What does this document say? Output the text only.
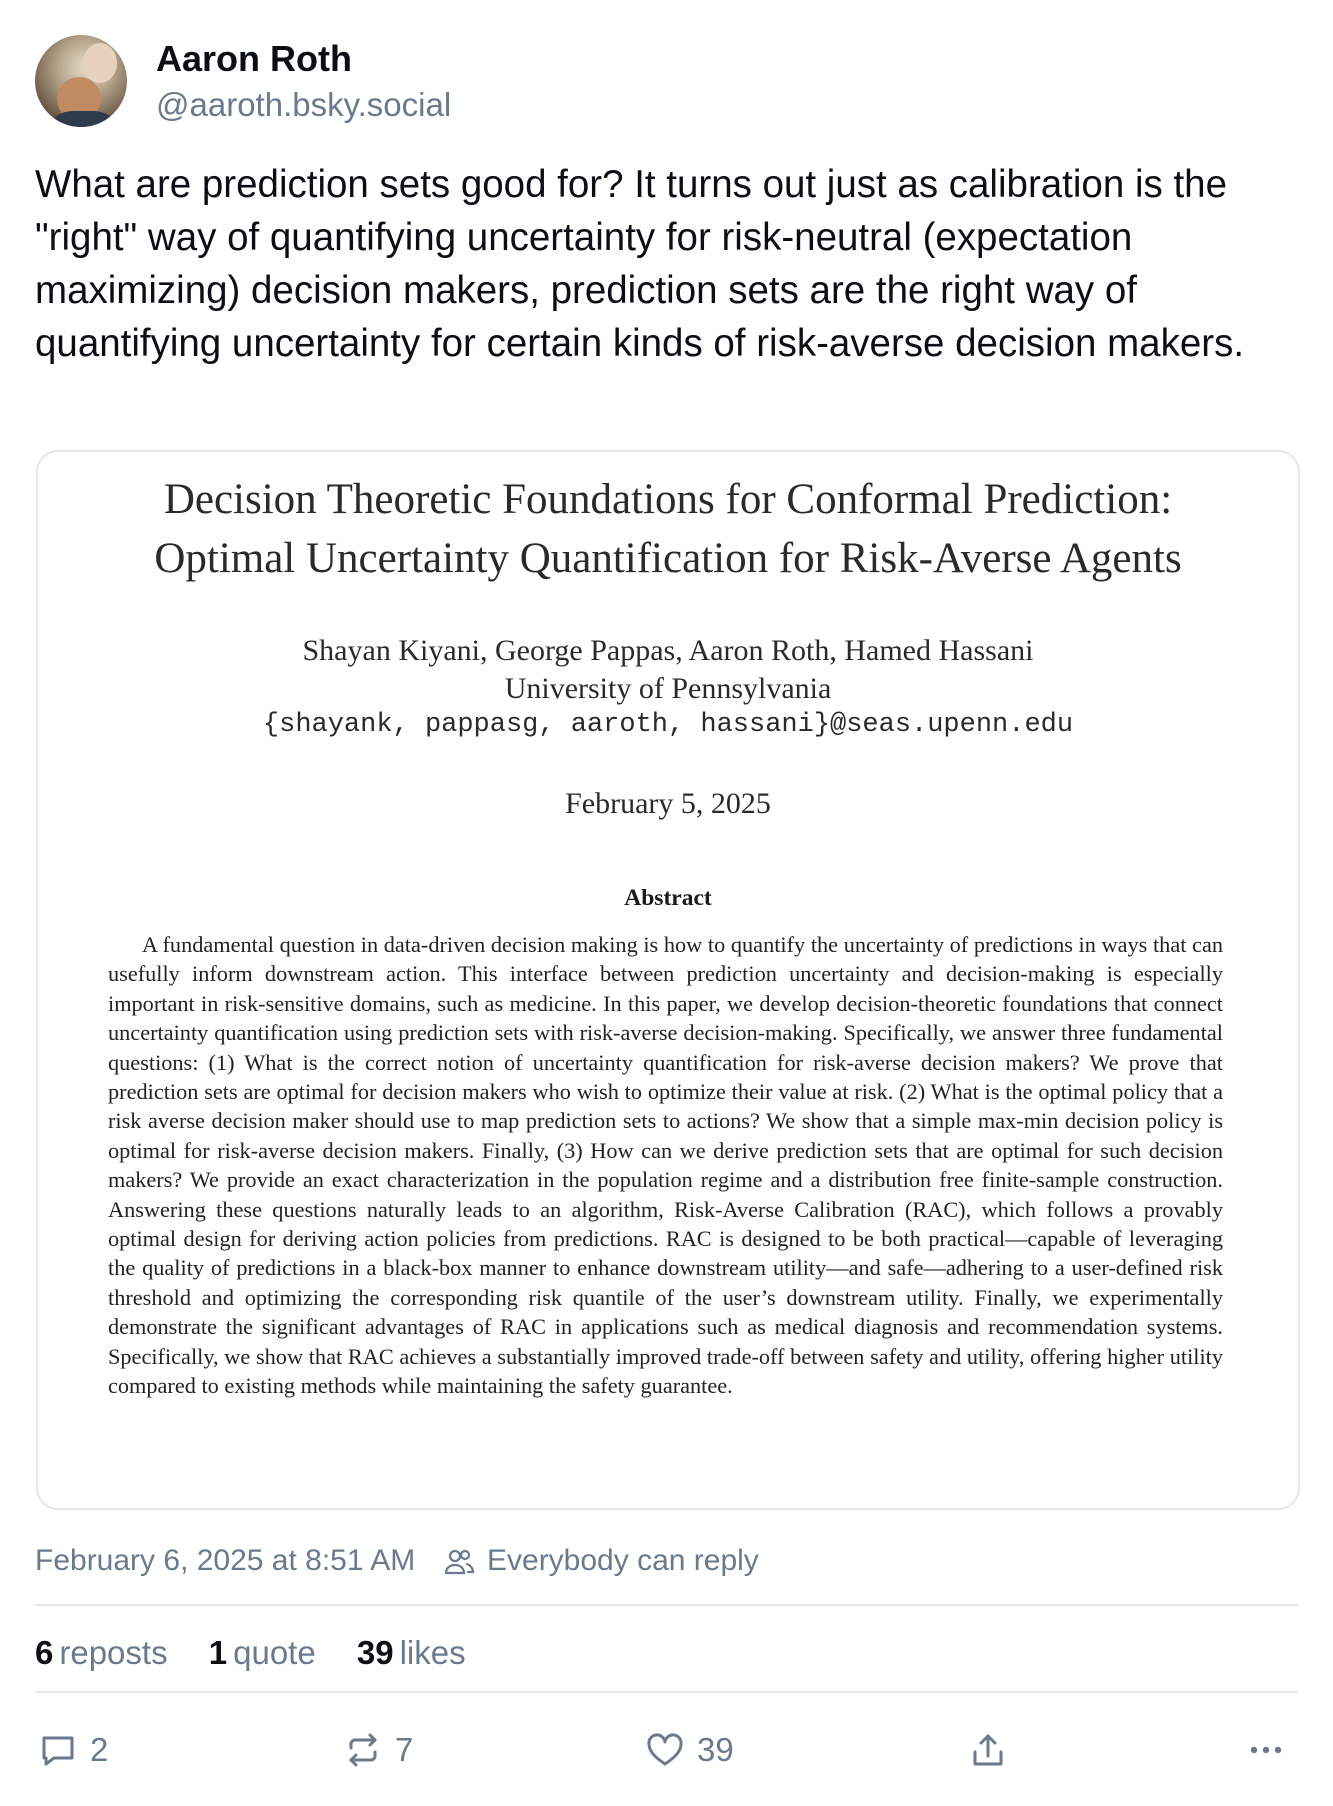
Aaron Roth
@aaroth.bsky.social
What are prediction sets good for? It turns out just as calibration is the "right" way of quantifying uncertainty for risk-neutral (expectation maximizing) decision makers, prediction sets are the right way of quantifying uncertainty for certain kinds of risk-averse decision makers.
Decision Theoretic Foundations for Conformal Prediction:
Optimal Uncertainty Quantification for Risk-Averse Agents
Shayan Kiyani, George Pappas, Aaron Roth, Hamed Hassani
University of Pennsylvania
{shayank, pappasg, aaroth, hassani}@seas.upenn.edu
February 5, 2025
Abstract
A fundamental question in data-driven decision making is how to quantify the uncertainty of predictions in ways that can usefully inform downstream action. This interface between prediction uncertainty and decision-making is especially important in risk-sensitive domains, such as medicine. In this paper, we develop decision-theoretic foundations that connect uncertainty quantification using prediction sets with risk-averse decision-making. Specifically, we answer three fundamental questions: (1) What is the correct notion of uncertainty quantification for risk-averse decision makers? We prove that prediction sets are optimal for decision makers who wish to optimize their value at risk. (2) What is the optimal policy that a risk averse decision maker should use to map prediction sets to actions? We show that a simple max-min decision policy is optimal for risk-averse decision makers. Finally, (3) How can we derive prediction sets that are optimal for such decision makers? We provide an exact characterization in the population regime and a distribution free finite-sample construction. Answering these questions naturally leads to an algorithm, Risk-Averse Calibration (RAC), which follows a provably optimal design for deriving action policies from predictions. RAC is designed to be both practical—capable of leveraging the quality of predictions in a black-box manner to enhance downstream utility—and safe—adhering to a user-defined risk threshold and optimizing the corresponding risk quantile of the user’s downstream utility. Finally, we experimentally demonstrate the significant advantages of RAC in applications such as medical diagnosis and recommendation systems. Specifically, we show that RAC achieves a substantially improved trade-off between safety and utility, offering higher utility compared to existing methods while maintaining the safety guarantee.
February 6, 2025 at 8:51 AM Everybody can reply
6 reposts 1 quote 39 likes
2	7	39
